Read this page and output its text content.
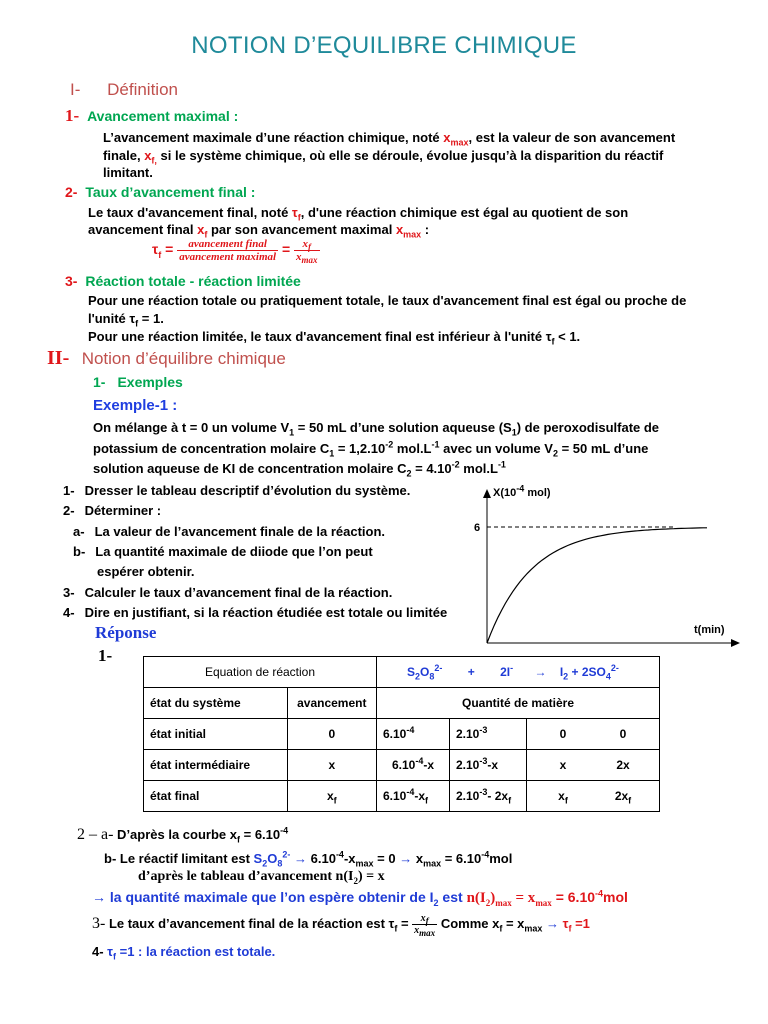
NOTION D’EQUILIBRE CHIMIQUE
I- Définition
1- Avancement maximal :
L’avancement maximale d’une réaction chimique, noté $x_{max}$, est la valeur de son avancement
finale, $x_{f,}$ si le système chimique, où elle se déroule, évolue jusqu’à la disparition du réactif
limitant.
2- Taux d’avancement final :
Le taux d'avancement final, noté $\tau_f$, d'une réaction chimique est égal au quotient de son
avancement final $x_f$ par son avancement maximal $x_{max}$ :
$\tau_f = \frac{\text{avancement final}}{\text{avancement maximal}} = \frac{x_f}{x_{max}}$
3- Réaction totale - réaction limitée
Pour une réaction totale ou pratiquement totale, le taux d'avancement final est égal ou proche de
l'unité $\tau_f = 1$.
Pour une réaction limitée, le taux d'avancement final est inférieur à l'unité $\tau_f < 1$.
II- Notion d’équilibre chimique
1- Exemples
Exemple-1 :
On mélange à t = 0 un volume $V_1 = 50$ mL d’une solution aqueuse $(S_1)$ de peroxodisulfate de
potassium de concentration molaire $C_1 = 1,2.10^{-2}$ $mol.L^{-1}$ avec un volume $V_2 = 50$ mL d’une
solution aqueuse de KI de concentration molaire $C_2 = 4.10^{-2}$ $mol.L^{-1}$
1- Dresser le tableau descriptif d’évolution du système.
2- Déterminer :
a- La valeur de l’avancement finale de la réaction.
b- La quantité maximale de diiode que l’on peut
espérer obtenir.
3- Calculer le taux d’avancement final de la réaction.
4- Dire en justifiant, si la réaction étudiée est totale ou limitée
6
$X(10^{-4}$ mol)
t(min)
Réponse
1-
Equation de réaction		$S_2O_8^{2-} + 2I^- \to I_2 + 2SO_4^{2-}$
état du système	avancement	Quantité de matière		
état initial	0	$6.10^{-4}$	$2.10^{-3}$	0 0

état intermédiaire	x	$6.10^{-4}-x$	$2.10^{-3}-x$	x 2x

état final	$x_f$	$6.10^{-4}-x_f$	$2.10^{-3}-$ $2x_f$	$x_f$ $2x_f$
2 – a- D’après la courbe $x_f = 6.10^{-4}$
b- Le réactif limitant est $S_2O_8^{2-} \to 6.10^{-4}-x_{max} = 0 \to x_{max} = 6.10^{-4}mol$
d’après le tableau d’avancement $n(I_2) = x$
→ la quantité maximale que l’on espère obtenir de $I_2$ est $n(I_2)_{max} = x_{max} = 6.10^{-4}mol$
3- Le taux d’avancement final de la réaction est $\tau_f = \frac{x_f}{x_{max}}$ Comme $x_f = x_{max} \to \tau_f =1$
4- $\tau_f =1$ : la réaction est totale.
